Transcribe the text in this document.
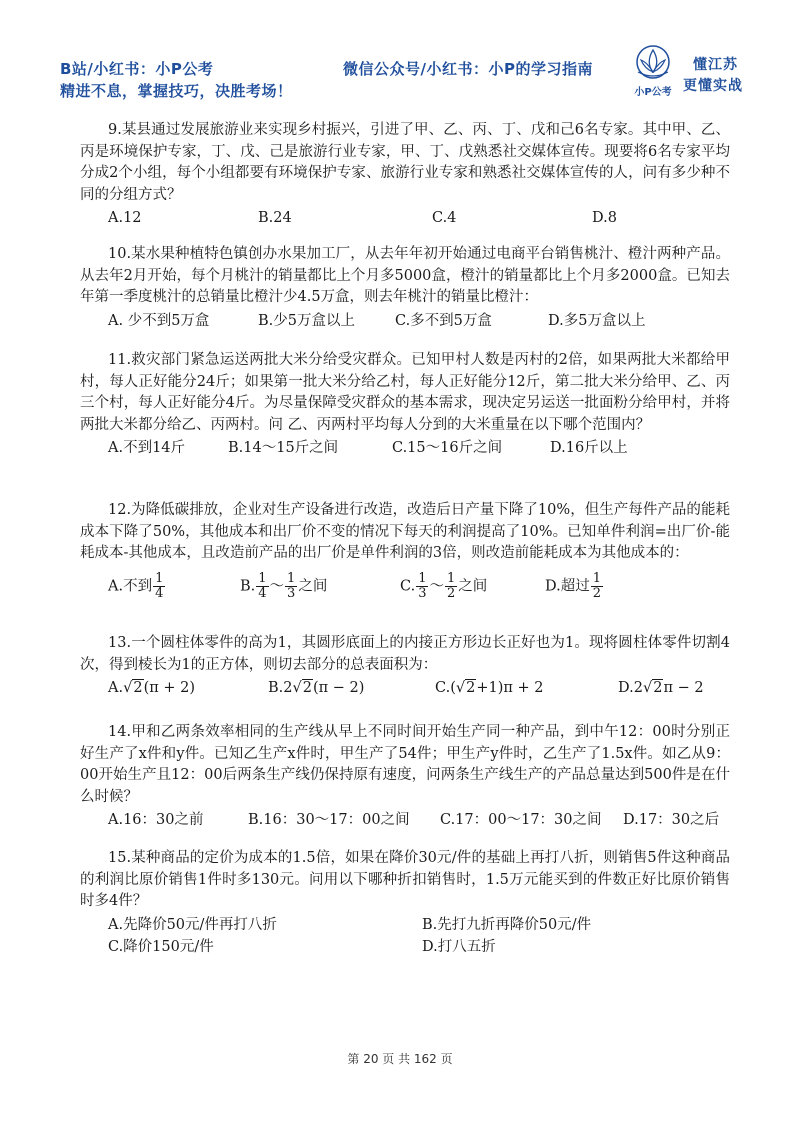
B站/小红书：小P公考
精进不息，掌握技巧，决胜考场！
微信公众号/小红书：小P的学习指南
小P公考
懂江苏
更懂实战

9.某县通过发展旅游业来实现乡村振兴，引进了甲、乙、丙、丁、戊和己6名专家。其中甲、乙、丙是环境保护专家，丁、戊、己是旅游行业专家，甲、丁、戊熟悉社交媒体宣传。现要将6名专家平均分成2个小组，每个小组都要有环境保护专家、旅游行业专家和熟悉社交媒体宣传的人，问有多少种不同的分组方式？

A.12	B.24	C.4	D.8

10.某水果种植特色镇创办水果加工厂，从去年年初开始通过电商平台销售桃汁、橙汁两种产品。从去年2月开始，每个月桃汁的销量都比上个月多5000盒，橙汁的销量都比上个月多2000盒。已知去年第一季度桃汁的总销量比橙汁少4.5万盒，则去年桃汁的销量比橙汁：

A. 少不到5万盒	B.少5万盒以上	C.多不到5万盒	D.多5万盒以上

11.救灾部门紧急运送两批大米分给受灾群众。已知甲村人数是丙村的2倍，如果两批大米都给甲村，每人正好能分24斤；如果第一批大米分给乙村，每人正好能分12斤，第二批大米分给甲、乙、丙三个村，每人正好能分4斤。为尽量保障受灾群众的基本需求，现决定另运送一批面粉分给甲村，并将两批大米都分给乙、丙两村。问 乙、丙两村平均每人分到的大米重量在以下哪个范围内？

A.不到14斤	B.14～15斤之间	C.15～16斤之间	D.16斤以上

12.为降低碳排放，企业对生产设备进行改造，改造后日产量下降了10%，但生产每件产品的能耗成本下降了50%，其他成本和出厂价不变的情况下每天的利润提高了10%。已知单件利润=出厂价-能耗成本-其他成本，且改造前产品的出厂价是单件利润的3倍，则改造前能耗成本为其他成本的：

A.不到 $\frac{1}{4}$	B. $\frac{1}{4}$ ～ $\frac{1}{3}$ 之间	C. $\frac{1}{3}$ ～ $\frac{1}{2}$ 之间	D.超过 $\frac{1}{2}$

13.一个圆柱体零件的高为1，其圆形底面上的内接正方形边长正好也为1。现将圆柱体零件切割4次，得到棱长为1的正方体，则切去部分的总表面积为：

A.√2(π + 2)	B.2√2(π − 2)	C.(√2+1)π + 2	D.2√2π − 2

14.甲和乙两条效率相同的生产线从早上不同时间开始生产同一种产品，到中午12：00时分别正好生产了x件和y件。已知乙生产x件时，甲生产了54件；甲生产y件时，乙生产了1.5x件。如乙从9：00开始生产且12：00后两条生产线仍保持原有速度，问两条生产线生产的产品总量达到500件是在什么时候？

A.16：30之前	B.16：30～17：00之间 C.17：00～17：30之间 D.17：30之后

15.某种商品的定价为成本的1.5倍，如果在降价30元/件的基础上再打八折，则销售5件这种商品的利润比原价销售1件时多130元。问用以下哪种折扣销售时，1.5万元能买到的件数正好比原价销售时多4件？

A.先降价50元/件再打八折	B.先打九折再降价50元/件
C.降价150元/件	D.打八五折
第 20 页 共 162 页
